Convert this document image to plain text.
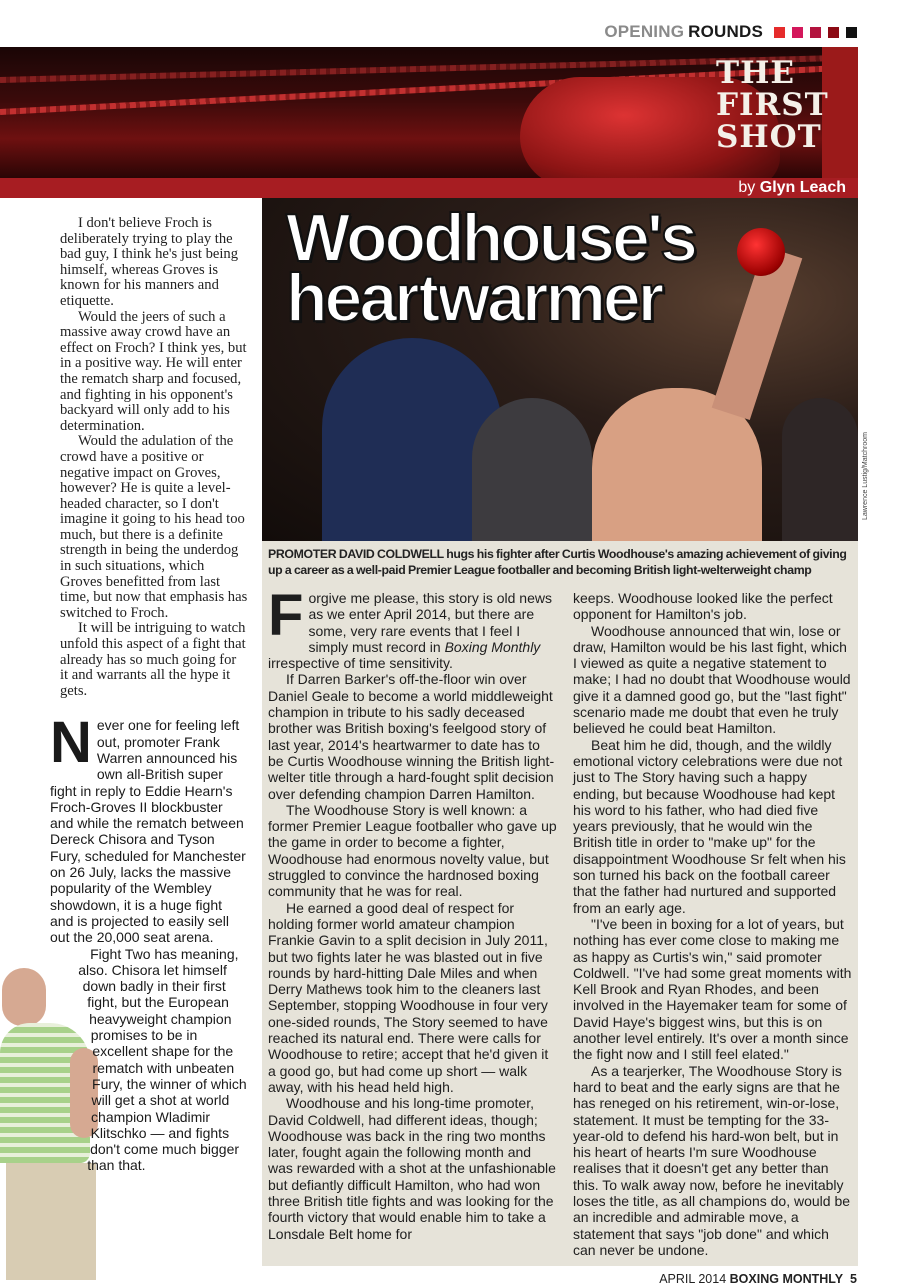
OPENING ROUNDS
THE
FIRST
SHOT
by Glyn Leach
Woodhouse's
heartwarmer
Lawrence Lustig/Matchroom

I don't believe Froch is deliberately trying to play the bad guy, I think he's just being himself, whereas Groves is known for his manners and etiquette.

Would the jeers of such a massive away crowd have an effect on Froch? I think yes, but in a positive way. He will enter the rematch sharp and focused, and fighting in his opponent's backyard will only add to his determination.

Would the adulation of the crowd have a positive or negative impact on Groves, however? He is quite a level-headed character, so I don't imagine it going to his head too much, but there is a definite strength in being the underdog in such situations, which Groves benefitted from last time, but now that emphasis has switched to Froch.

It will be intriguing to watch unfold this aspect of a fight that already has so much going for it and warrants all the hype it gets.

Never one for feeling left out, promoter Frank Warren announced his own all-British super fight in reply to Eddie Hearn's Froch-Groves II blockbuster and while the rematch between Dereck Chisora and Tyson Fury, scheduled for Manchester on 26 July, lacks the massive popularity of the Wembley showdown, it is a huge fight and is projected to easily sell out the 20,000 seat arena.

Fight Two has meaning, also. Chisora let himself down badly in their first fight, but the European heavyweight champion promises to be in excellent shape for the rematch with unbeaten Fury, the winner of which will get a shot at world champion Wladimir Klitschko — and fights don't come much bigger than that.

PROMOTER DAVID COLDWELL hugs his fighter after Curtis Woodhouse's amazing achievement of giving up a career as a well-paid Premier League footballer and becoming British light-welterweight champ

Forgive me please, this story is old news as we enter April 2014, but there are some, very rare events that I feel I simply must record in Boxing Monthly irrespective of time sensitivity.

If Darren Barker's off-the-floor win over Daniel Geale to become a world middleweight champion in tribute to his sadly deceased brother was British boxing's feelgood story of last year, 2014's heartwarmer to date has to be Curtis Woodhouse winning the British light-welter title through a hard-fought split decision over defending champion Darren Hamilton.

The Woodhouse Story is well known: a former Premier League footballer who gave up the game in order to become a fighter, Woodhouse had enormous novelty value, but struggled to convince the hardnosed boxing community that he was for real.

He earned a good deal of respect for holding former world amateur champion Frankie Gavin to a split decision in July 2011, but two fights later he was blasted out in five rounds by hard-hitting Dale Miles and when Derry Mathews took him to the cleaners last September, stopping Woodhouse in four very one-sided rounds, The Story seemed to have reached its natural end. There were calls for Woodhouse to retire; accept that he'd given it a good go, but had come up short — walk away, with his head held high.

Woodhouse and his long-time promoter, David Coldwell, had different ideas, though; Woodhouse was back in the ring two months later, fought again the following month and was rewarded with a shot at the unfashionable but defiantly difficult Hamilton, who had won three British title fights and was looking for the fourth victory that would enable him to take a Lonsdale Belt home for

keeps. Woodhouse looked like the perfect opponent for Hamilton's job.

Woodhouse announced that win, lose or draw, Hamilton would be his last fight, which I viewed as quite a negative statement to make; I had no doubt that Woodhouse would give it a damned good go, but the "last fight" scenario made me doubt that even he truly believed he could beat Hamilton.

Beat him he did, though, and the wildly emotional victory celebrations were due not just to The Story having such a happy ending, but because Woodhouse had kept his word to his father, who had died five years previously, that he would win the British title in order to "make up" for the disappointment Woodhouse Sr felt when his son turned his back on the football career that the father had nurtured and supported from an early age.

"I've been in boxing for a lot of years, but nothing has ever come close to making me as happy as Curtis's win," said promoter Coldwell. "I've had some great moments with Kell Brook and Ryan Rhodes, and been involved in the Hayemaker team for some of David Haye's biggest wins, but this is on another level entirely. It's over a month since the fight now and I still feel elated."

As a tearjerker, The Woodhouse Story is hard to beat and the early signs are that he has reneged on his retirement, win-or-lose, statement. It must be tempting for the 33-year-old to defend his hard-won belt, but in his heart of hearts I'm sure Woodhouse realises that it doesn't get any better than this. To walk away now, before he inevitably loses the title, as all champions do, would be an incredible and admirable move, a statement that says "job done" and which can never be undone.

APRIL 2014 BOXING MONTHLY 5
